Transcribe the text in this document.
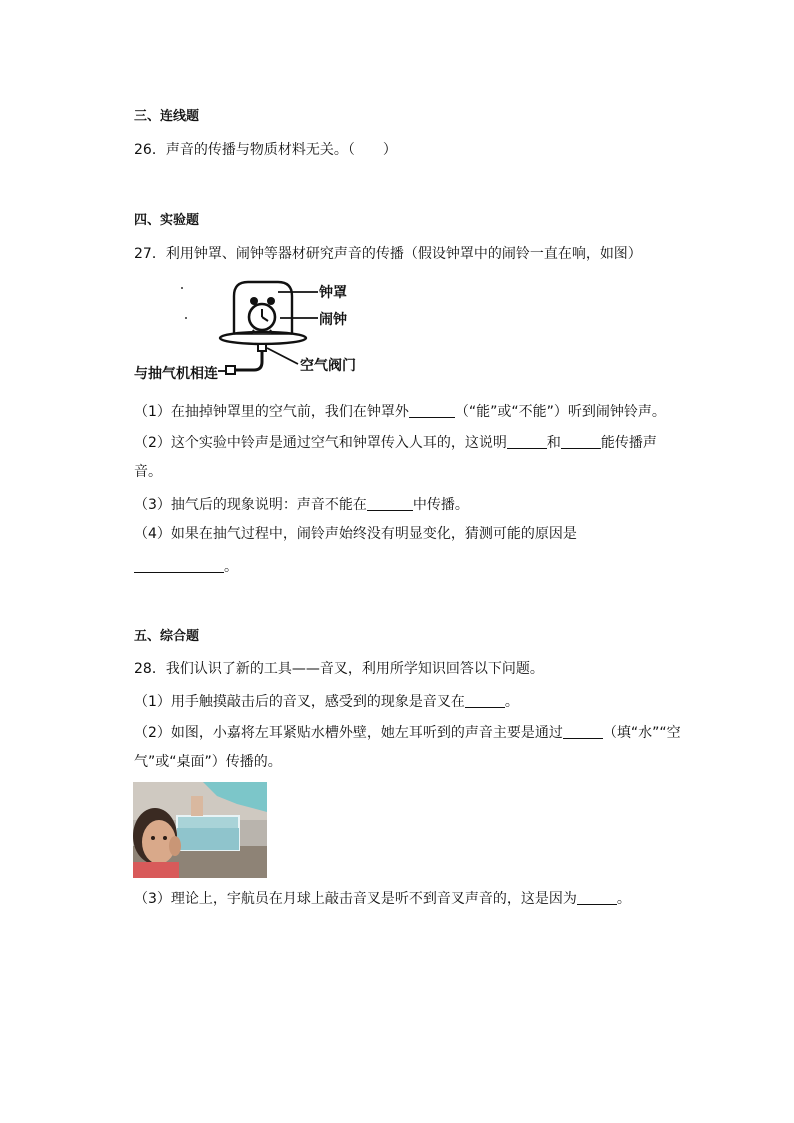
三、连线题
26．声音的传播与物质材料无关。（　　）
四、实验题
27．利用钟罩、闹钟等器材研究声音的传播（假设钟罩中的闹铃一直在响，如图）
钟罩
闹钟
空气阀门
与抽气机相连
（1）在抽掉钟罩里的空气前，我们在钟罩外	（“能”或“不能”）听到闹钟铃声。
（2）这个实验中铃声是通过空气和钟罩传入人耳的，这说明	和	能传播声
音。
（3）抽气后的现象说明：声音不能在	中传播。
（4）如果在抽气过程中，闹铃声始终没有明显变化，猜测可能的原因是
。
五、综合题
28．我们认识了新的工具——音叉，利用所学知识回答以下问题。
（1）用手触摸敲击后的音叉，感受到的现象是音叉在	。
（2）如图，小嘉将左耳紧贴水槽外壁，她左耳听到的声音主要是通过	（填“水”“空
气”或“桌面”）传播的。
（3）理论上，宇航员在月球上敲击音叉是听不到音叉声音的，这是因为	。
